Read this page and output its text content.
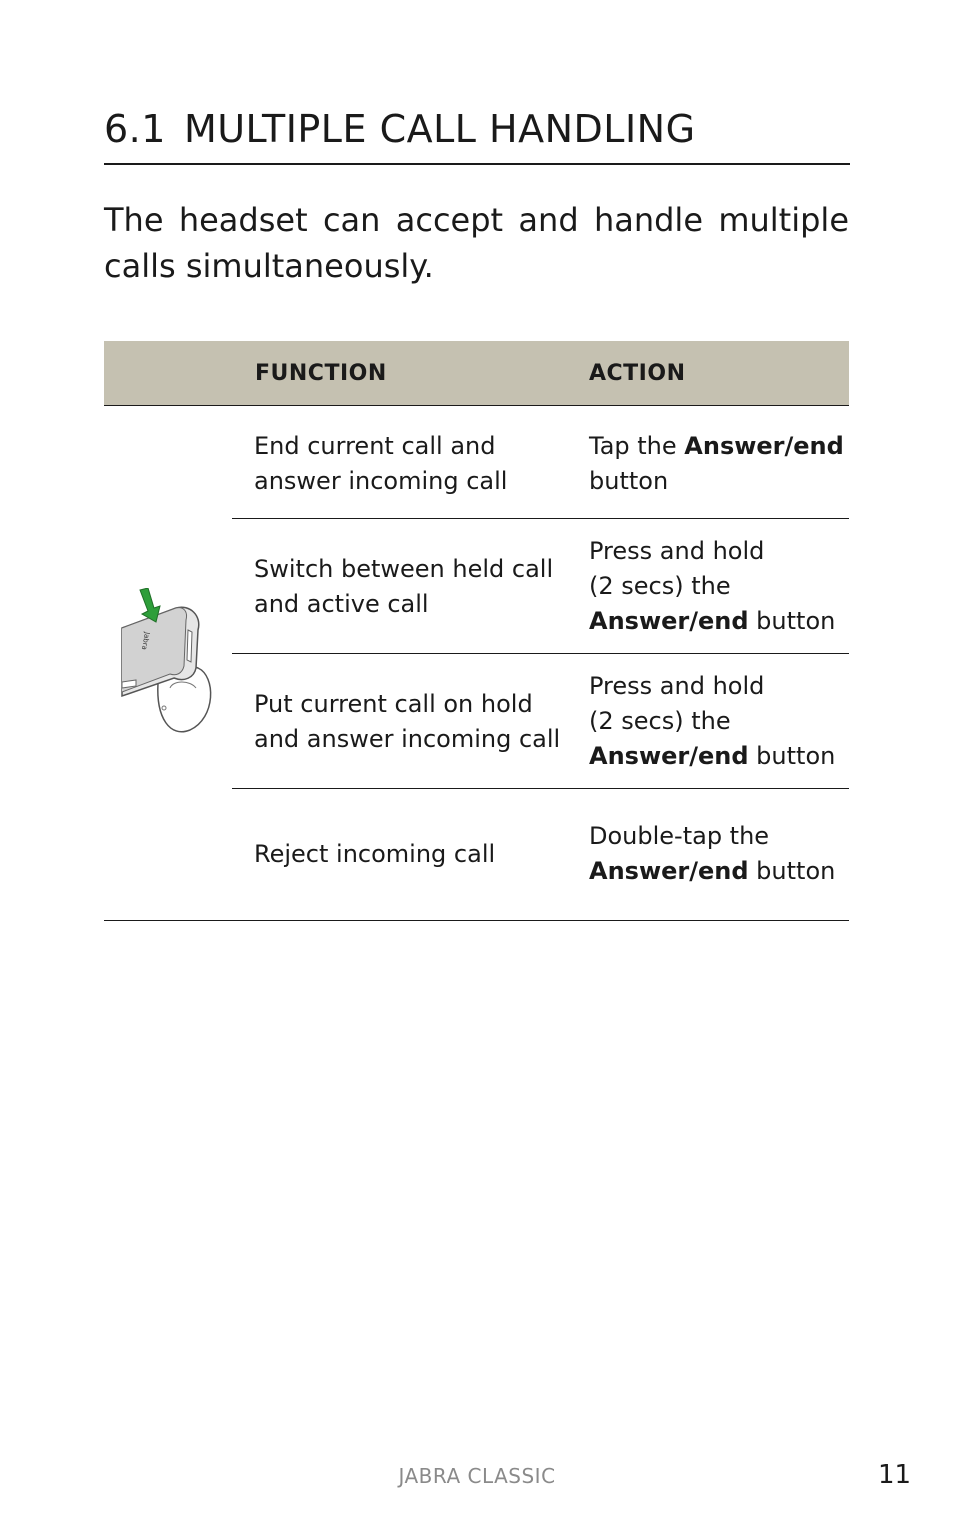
6.1 MULTIPLE CALL HANDLING

The headset can accept and handle multiple calls simultaneously.

FUNCTION	ACTION
End current call and
answer incoming call
Tap the Answer/end
button
Switch between held call
and active call
Press and hold
(2 secs) the
Answer/end button
Put current call on hold
and answer incoming call
Press and hold
(2 secs) the
Answer/end button
Reject incoming call
Double-tap the
Answer/end button
Jabra
JABRA CLASSIC	11
